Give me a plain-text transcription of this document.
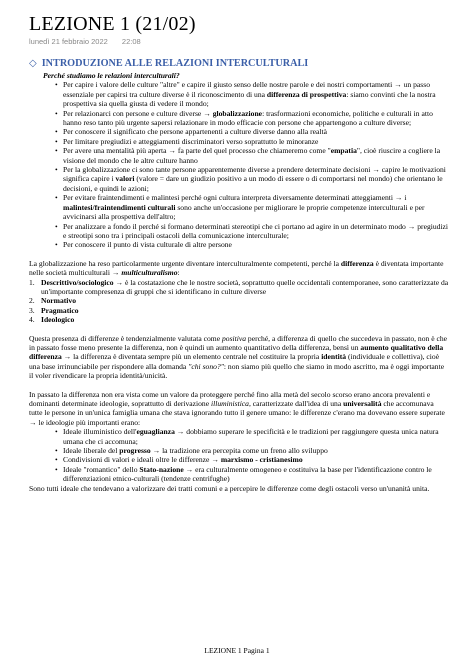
LEZIONE 1 (21/02)
lunedì 21 febbraio 2022 22:08
◇ INTRODUZIONE ALLE RELAZIONI INTERCULTURALI

Perché studiamo le relazioni interculturali?

• Per capire i valore delle culture "altre" e capire il giusto senso delle nostre parole e dei nostri comportamenti → un passo essenziale per capirsi tra culture diverse è il riconoscimento di una differenza di prospettiva: siamo convinti che la nostra prospettiva sia quella giusta di vedere il mondo;
• Per relazionarci con persone e culture diverse → globalizzazione: trasformazioni economiche, politiche e culturali in atto hanno reso tanto più urgente sapersi relazionare in modo efficacie con persone che appartengono a culture diverse;
• Per conoscere il significato che persone appartenenti a culture diverse danno alla realtà
• Per limitare pregiudizi e atteggiamenti discriminatori verso soprattutto le minoranze
• Per avere una mentalità più aperta → fa parte del quel processo che chiameremo come "empatia", cioè riuscire a cogliere la visione del mondo che le altre culture hanno
• Per la globalizzazione ci sono tante persone apparentemente diverse a prendere determinate decisioni → capire le motivazioni significa capire i valori (valore = dare un giudizio positivo a un modo di essere o di comportarsi nel mondo) che orientano le decisioni, e quindi le azioni;
• Per evitare fraintendimenti e malintesi perché ogni cultura interpreta diversamente determinati atteggiamenti → i malintesi/fraintendimenti culturali sono anche un'occasione per migliorare le proprie competenze interculturali e per avvicinarsi alla prospettiva dell'altro;
• Per analizzare a fondo il perché si formano determinati stereotipi che ci portano ad agire in un determinato modo → pregiudizi e streotipi sono tra i principali ostacoli della comunicazione interculturale;
• Per conoscere il punto di vista culturale di altre persone

La globalizzazione ha reso particolarmente urgente diventare interculturalmente competenti, perché la differenza è diventata importante nelle società multiculturali → multiculturalismo:

1. Descrittivo/sociologico → è la costatazione che le nostre società, soprattutto quelle occidentali contemporanee, sono caratterizzate da un'importante compresenza di gruppi che si identificano in culture diverse
2. Normativo
3. Pragmatico
4. Ideologico

Questa presenza di differenze è tendenzialmente valutata come positiva perché, a differenza di quello che succedeva in passato, non è che in passato fosse meno presente la differenza, non è quindi un aumento quantitativo della differenza, bensì un aumento qualitativo della differenza → la differenza è diventata sempre più un elemento centrale nel costituire la propria identità (individuale e collettiva), cioè una base irrinunciabile per rispondere alla domanda "chi sono?": non siamo più quello che siamo in modo ascritto, ma è oggi importante il voler rivendicare la propria identità/unicità.

In passato la differenza non era vista come un valore da proteggere perché fino alla metà del secolo scorso erano ancora prevalenti e dominanti determinate ideologie, soprattutto di derivazione illuministica, caratterizzate dall'idea di una universalità che accomunava tutte le persone in un'unica famiglia umana che stava ignorando tutto il genere umano: le differenze c'erano ma dovevano essere superate → le ideologie più importanti erano:

• Ideale illuministico dell'eguaglianza → dobbiamo superare le specificità e le tradizioni per raggiungere questa unica natura umana che ci accomuna;
• Ideale liberale del progresso → la tradizione era percepita come un freno allo sviluppo
• Condivisioni di valori e ideali oltre le differenze → marxismo - cristianesimo
• Ideale "romantico" dello Stato-nazione → era culturalmente omogeneo e costituiva la base per l'identificazione contro le differenziazioni etnico-culturali (tendenze centrifughe)

Sono tutti ideale che tendevano a valorizzare dei tratti comuni e a percepire le differenze come degli ostacoli verso un'unanità unita.

LEZIONE 1 Pagina 1
